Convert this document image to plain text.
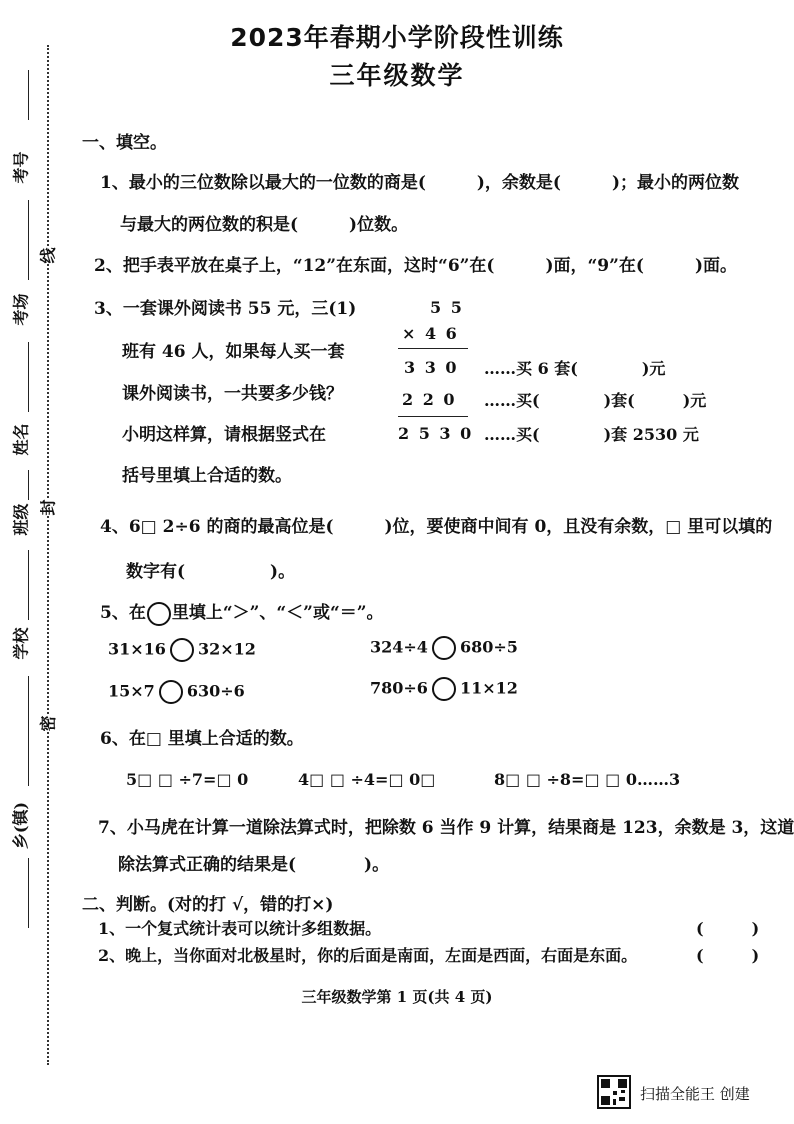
2023年春期小学阶段性训练
三年级数学
考号
考场
姓名
班级
学校
乡(镇)
线
封
密
一、填空。
1、最小的三位数除以最大的一位数的商是(　　　)，余数是(　　　)；最小的两位数
与最大的两位数的积是(　　　)位数。
2、把手表平放在桌子上，“12”在东面，这时“6”在(　　　)面，“9”在(　　　)面。
3、一套课外阅读书 55 元，三(1)
班有 46 人，如果每人买一套
课外阅读书，一共要多少钱？
小明这样算，请根据竖式在
括号里填上合适的数。
5 5
× 4 6
3 3 0
2 2 0
2 5 3 0
……买 6 套(　　　　)元
……买(　　　　)套(　　　)元
……买(　　　　)套 2530 元
4、6□ 2÷6 的商的最高位是(　　　)位，要使商中间有 0，且没有余数，□ 里可以填的
数字有(　　　　　)。
5、在 里填上“＞”、“＜”或“＝”。
31×16 32×12	324÷4 680÷5
15×7 630÷6	780÷6 11×12
6、在□ 里填上合适的数。
5□ □ ÷7=□ 0	4□ □ ÷4=□ 0□	8□ □ ÷8=□ □ 0……3
7、小马虎在计算一道除法算式时，把除数 6 当作 9 计算，结果商是 123，余数是 3，这道
除法算式正确的结果是(　　　　)。
二、判断。(对的打 √，错的打×)
1、一个复式统计表可以统计多组数据。	(　　　)
2、晚上，当你面对北极星时，你的后面是南面，左面是西面，右面是东面。	(　　　)
三年级数学第 1 页(共 4 页)
扫描全能王 创建
